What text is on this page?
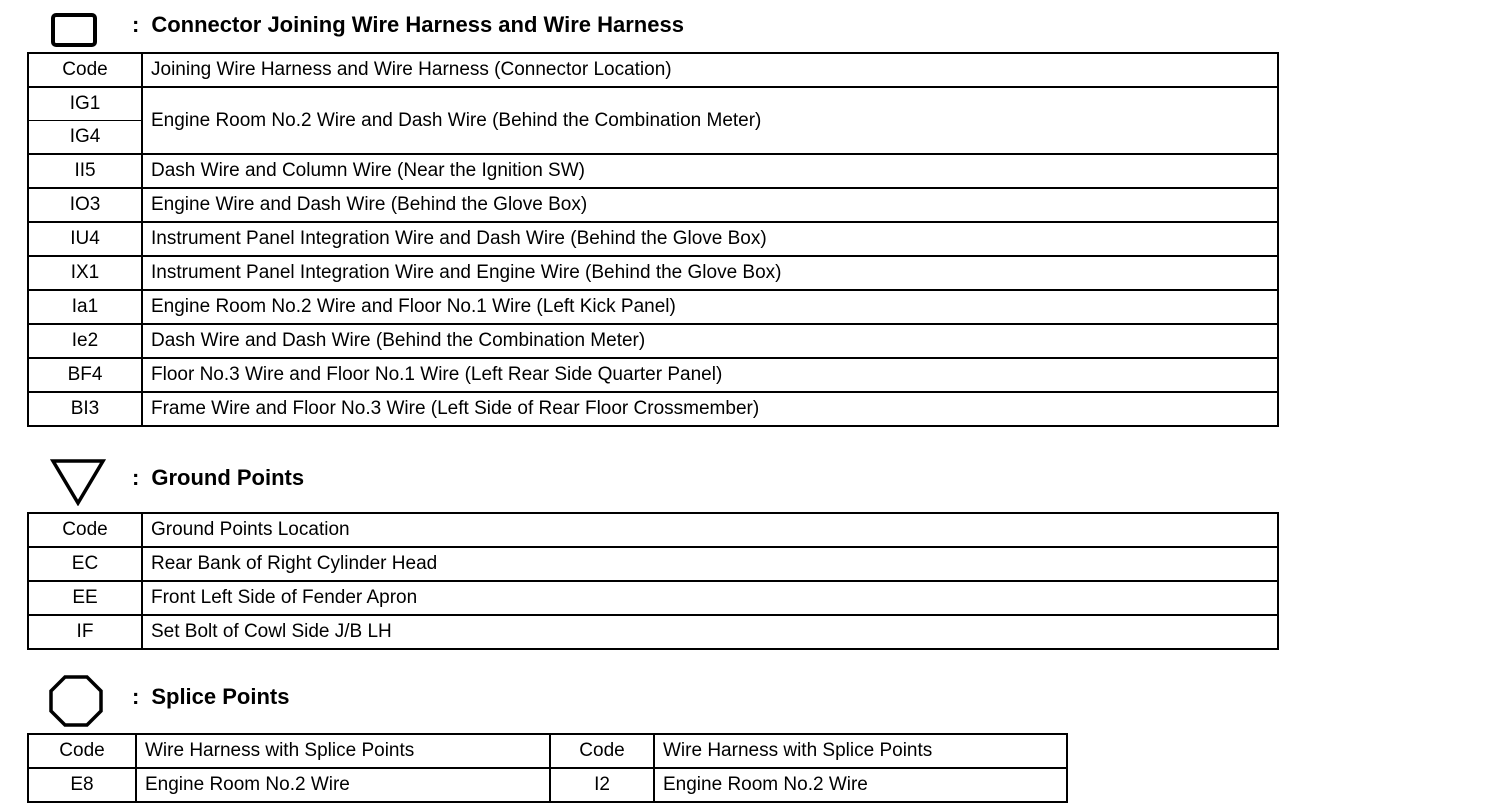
: Connector Joining Wire Harness and Wire Harness
Code	Joining Wire Harness and Wire Harness (Connector Location)
IG1	Engine Room No.2 Wire and Dash Wire (Behind the Combination Meter)
IG4	
II5	Dash Wire and Column Wire (Near the Ignition SW)
IO3	Engine Wire and Dash Wire (Behind the Glove Box)
IU4	Instrument Panel Integration Wire and Dash Wire (Behind the Glove Box)
IX1	Instrument Panel Integration Wire and Engine Wire (Behind the Glove Box)
Ia1	Engine Room No.2 Wire and Floor No.1 Wire (Left Kick Panel)
Ie2	Dash Wire and Dash Wire (Behind the Combination Meter)
BF4	Floor No.3 Wire and Floor No.1 Wire (Left Rear Side Quarter Panel)
BI3	Frame Wire and Floor No.3 Wire (Left Side of Rear Floor Crossmember)
: Ground Points
Code	Ground Points Location
EC	Rear Bank of Right Cylinder Head
EE	Front Left Side of Fender Apron
IF	Set Bolt of Cowl Side J/B LH
: Splice Points
Code	Wire Harness with Splice Points	Code	Wire Harness with Splice Points
E8	Engine Room No.2 Wire	I2	Engine Room No.2 Wire
